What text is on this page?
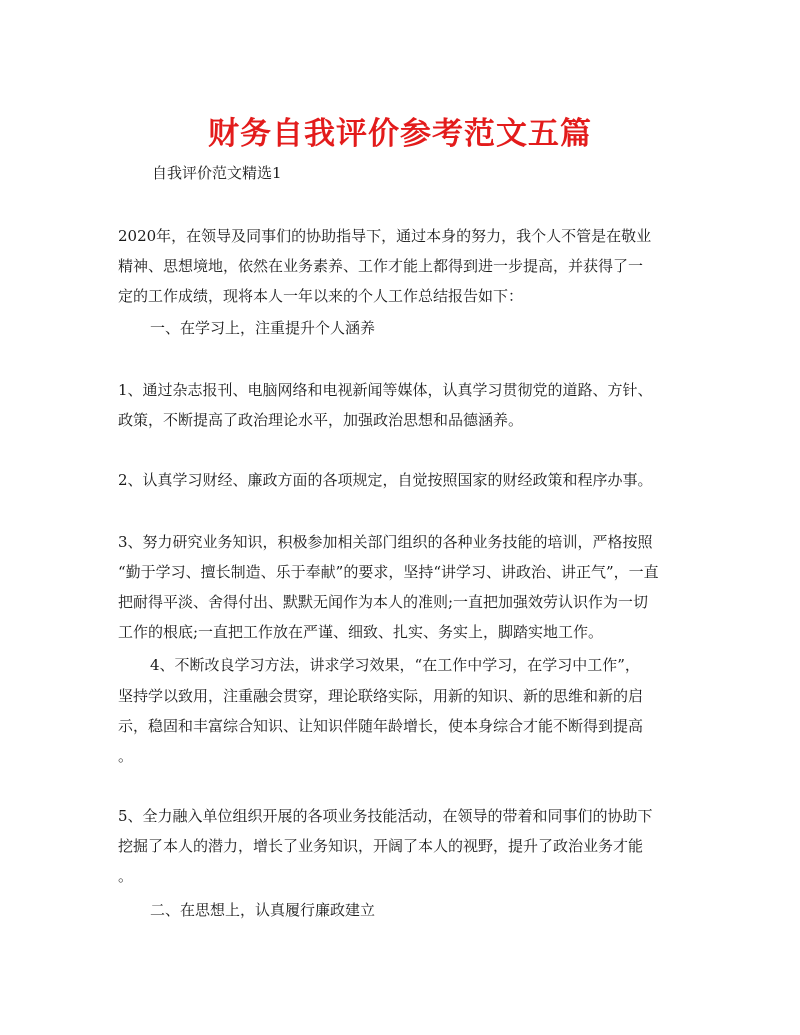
财务自我评价参考范文五篇
自我评价范文精选1
2020年，在领导及同事们的协助指导下，通过本身的努力，我个人不管是在敬业
精神、思想境地，依然在业务素养、工作才能上都得到进一步提高，并获得了一
定的工作成绩，现将本人一年以来的个人工作总结报告如下：
一、在学习上，注重提升个人涵养
1、通过杂志报刊、电脑网络和电视新闻等媒体，认真学习贯彻党的道路、方针、
政策，不断提高了政治理论水平，加强政治思想和品德涵养。
2、认真学习财经、廉政方面的各项规定，自觉按照国家的财经政策和程序办事。
3、努力研究业务知识，积极参加相关部门组织的各种业务技能的培训，严格按照
“勤于学习、擅长制造、乐于奉献”的要求，坚持“讲学习、讲政治、讲正气”，一直
把耐得平淡、舍得付出、默默无闻作为本人的准则;一直把加强效劳认识作为一切
工作的根底;一直把工作放在严谨、细致、扎实、务实上，脚踏实地工作。
4、不断改良学习方法，讲求学习效果，“在工作中学习，在学习中工作”，
坚持学以致用，注重融会贯穿，理论联络实际，用新的知识、新的思维和新的启
示，稳固和丰富综合知识、让知识伴随年龄增长，使本身综合才能不断得到提高
。
5、全力融入单位组织开展的各项业务技能活动，在领导的带着和同事们的协助下
挖掘了本人的潜力，增长了业务知识，开阔了本人的视野，提升了政治业务才能
。
二、在思想上，认真履行廉政建立
